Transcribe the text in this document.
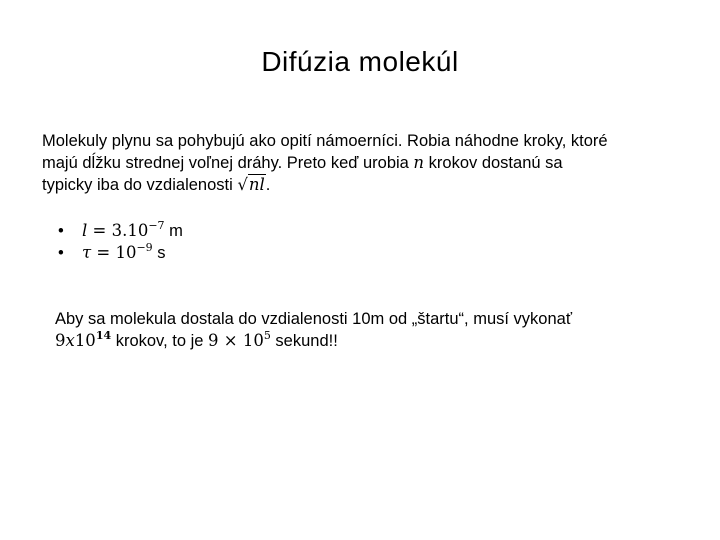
Difúzia molekúl
Molekuly plynu sa pohybujú ako opití námoerníci. Robia náhodne kroky, ktoré
majú dĺžku strednej voľnej dráhy. Preto keď urobia n krokov dostanú sa
typicky iba do vzdialenosti √nl.
• $l = 3.10^{-7}$ m
• $\tau = 10^{-9}$ s
Aby sa molekula dostala do vzdialenosti 10m od „štartu“, musí vykonať
$9x10^{14}$ krokov, to je $9 \times 10^5$ sekund!!
